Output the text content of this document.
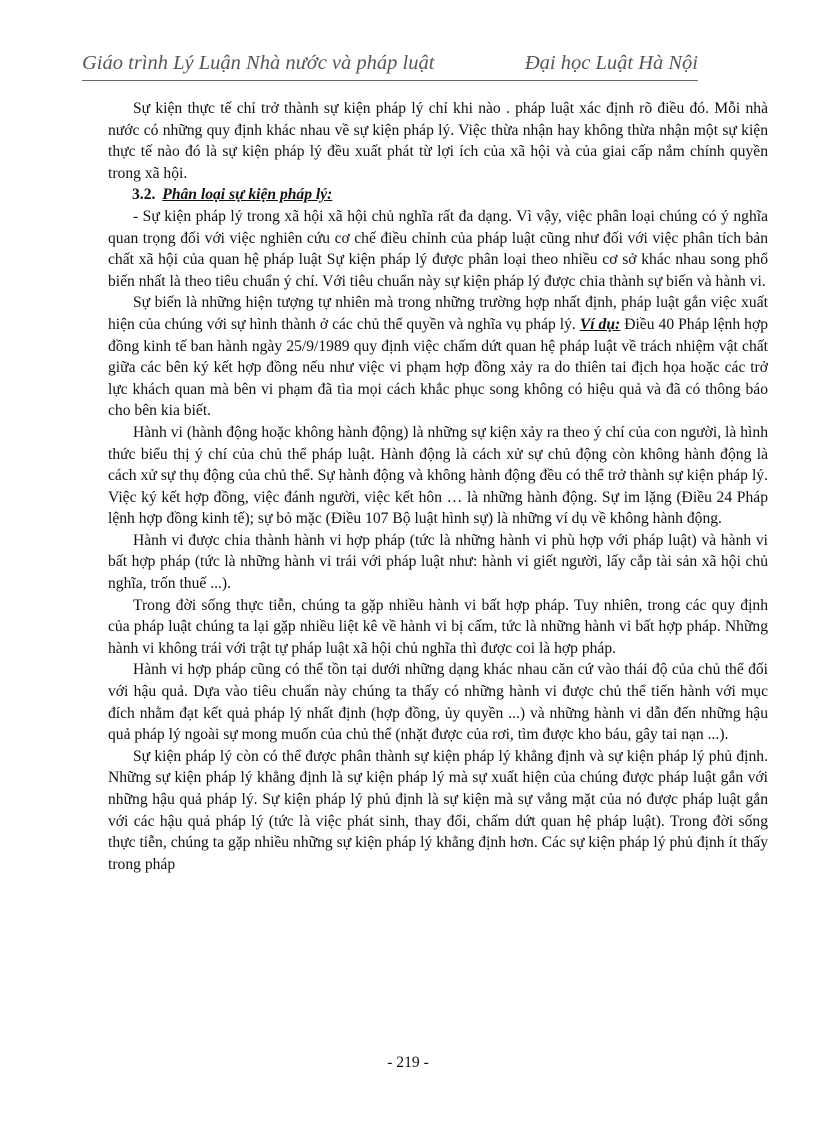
Giáo trình Lý Luận Nhà nước và pháp luật	Đại học Luật Hà Nội

Sự kiện thực tế chỉ trở thành sự kiện pháp lý chỉ khi nào . pháp luật xác định rõ điều đó. Mỗi nhà nước có những quy định khác nhau về sự kiện pháp lý. Việc thừa nhận hay không thừa nhận một sự kiện thực tế nào đó là sự kiện pháp lý đều xuất phát từ lợi ích của xã hội và của giai cấp nắm chính quyền trong xã hội.

3.2. Phân loại sự kiện pháp lý:

- Sự kiện pháp lý trong xã hội xã hội chủ nghĩa rất đa dạng. Vì vậy, việc phân loại chúng có ý nghĩa quan trọng đối với việc nghiên cứu cơ chế điều chỉnh của pháp luật cũng như đối với việc phân tích bản chất xã hội của quan hệ pháp luật Sự kiện pháp lý được phân loại theo nhiều cơ sở khác nhau song phổ biến nhất là theo tiêu chuẩn ý chí. Với tiêu chuẩn này sự kiện pháp lý được chia thành sự biến và hành vi.

Sự biến là những hiện tượng tự nhiên mà trong những trường hợp nhất định, pháp luật gắn việc xuất hiện của chúng với sự hình thành ở các chủ thể quyền và nghĩa vụ pháp lý. Ví dụ: Điều 40 Pháp lệnh hợp đồng kinh tế ban hành ngày 25/9/1989 quy định việc chấm dứt quan hệ pháp luật về trách nhiệm vật chất giữa các bên ký kết hợp đồng nếu như việc vi phạm hợp đồng xảy ra do thiên tai địch họa hoặc các trở lực khách quan mà bên vi phạm đã tìa mọi cách khắc phục song không có hiệu quả và đã có thông báo cho bên kia biết.

Hành vi (hành động hoặc không hành động) là những sự kiện xảy ra theo ý chí của con người, là hình thức biểu thị ý chí của chủ thể pháp luật. Hành động là cách xử sự chủ động còn không hành động là cách xử sự thụ động của chủ thể. Sự hành động và không hành động đều có thể trở thành sự kiện pháp lý. Việc ký kết hợp đồng, việc đánh người, việc kết hôn … là những hành động. Sự im lặng (Điều 24 Pháp lệnh hợp đồng kinh tế); sự bỏ mặc (Điều 107 Bộ luật hình sự) là những ví dụ về không hành động.

Hành vi được chia thành hành vi hợp pháp (tức là những hành vi phù hợp với pháp luật) và hành vi bất hợp pháp (tức là những hành vi trái với pháp luật như: hành vi giết người, lấy cắp tài sản xã hội chủ nghĩa, trốn thuế ...).

Trong đời sống thực tiễn, chúng ta gặp nhiều hành vi bất hợp pháp. Tuy nhiên, trong các quy định của pháp luật chúng ta lại gặp nhiều liệt kê về hành vi bị cấm, tức là những hành vi bất hợp pháp. Những hành vi không trái với trật tự pháp luật xã hội chủ nghĩa thì được coi là hợp pháp.

Hành vi hợp pháp cũng có thể tồn tại dưới những dạng khác nhau căn cứ vào thái độ của chủ thể đối với hậu quả. Dựa vào tiêu chuẩn này chúng ta thấy có những hành vi được chủ thể tiến hành với mục đích nhằm đạt kết quả pháp lý nhất định (hợp đồng, ủy quyền ...) và những hành vi dẫn đến những hậu quả pháp lý ngoài sự mong muốn của chủ thể (nhặt được của rơi, tìm được kho báu, gây tai nạn ...).

Sự kiện pháp lý còn có thể được phân thành sự kiện pháp lý khẳng định và sự kiện pháp lý phủ định. Những sự kiện pháp lý khẳng định là sự kiện pháp lý mà sự xuất hiện của chúng được pháp luật gắn với những hậu quả pháp lý. Sự kiện pháp lý phủ định là sự kiện mà sự vắng mặt của nó được pháp luật gắn với các hậu quả pháp lý (tức là việc phát sinh, thay đổi, chấm dứt quan hệ pháp luật). Trong đời sống thực tiễn, chúng ta gặp nhiều những sự kiện pháp lý khẳng định hơn. Các sự kiện pháp lý phủ định ít thấy trong pháp

- 219 -
